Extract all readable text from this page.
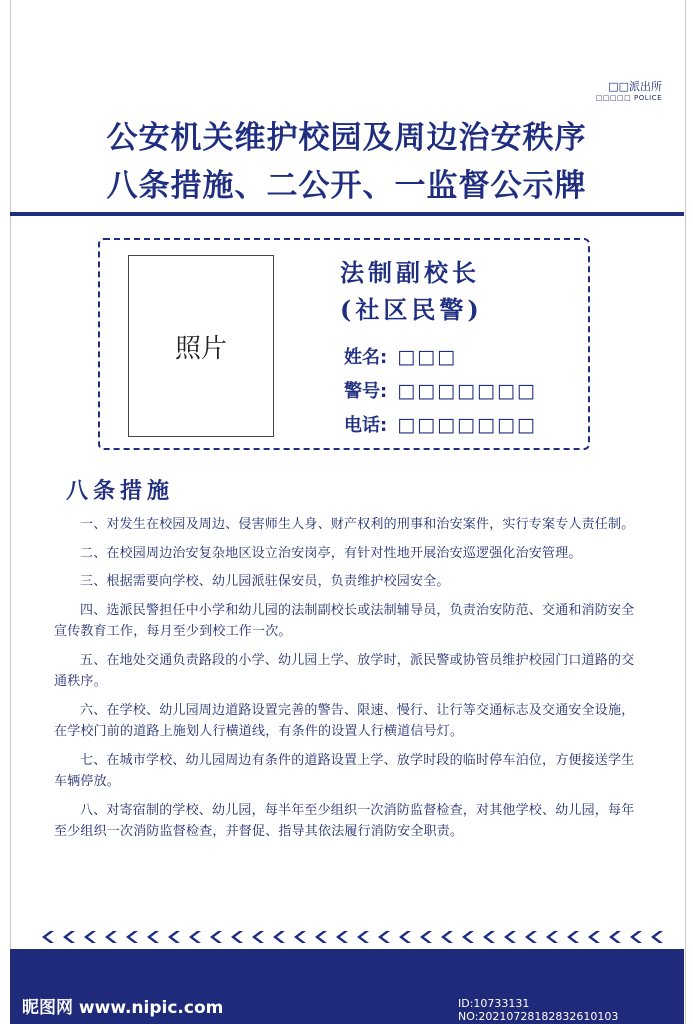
□□派出所
□□□□□ POLICE
公安机关维护校园及周边治安秩序
八条措施、二公开、一监督公示牌
照片
法制副校长
(社区民警)
姓名: □□□
警号: □□□□□□□
电话: □□□□□□□
八条措施

一、对发生在校园及周边、侵害师生人身、财产权利的刑事和治安案件，实行专案专人责任制。

二、在校园周边治安复杂地区设立治安岗亭，有针对性地开展治安巡逻强化治安管理。

三、根据需要向学校、幼儿园派驻保安员，负责维护校园安全。

四、选派民警担任中小学和幼儿园的法制副校长或法制辅导员，负责治安防范、交通和消防安全宣传教育工作，每月至少到校工作一次。

五、在地处交通负责路段的小学、幼儿园上学、放学时，派民警或协管员维护校园门口道路的交通秩序。

六、在学校、幼儿园周边道路设置完善的警告、限速、慢行、让行等交通标志及交通安全设施，在学校门前的道路上施划人行横道线，有条件的设置人行横道信号灯。

七、在城市学校、幼儿园周边有条件的道路设置上学、放学时段的临时停车泊位，方便接送学生车辆停放。

八、对寄宿制的学校、幼儿园，每半年至少组织一次消防监督检查，对其他学校、幼儿园，每年至少组织一次消防监督检查，并督促、指导其依法履行消防安全职责。

昵图网 www.nipic.com	ID:10733131 NO:20210728182832610103
